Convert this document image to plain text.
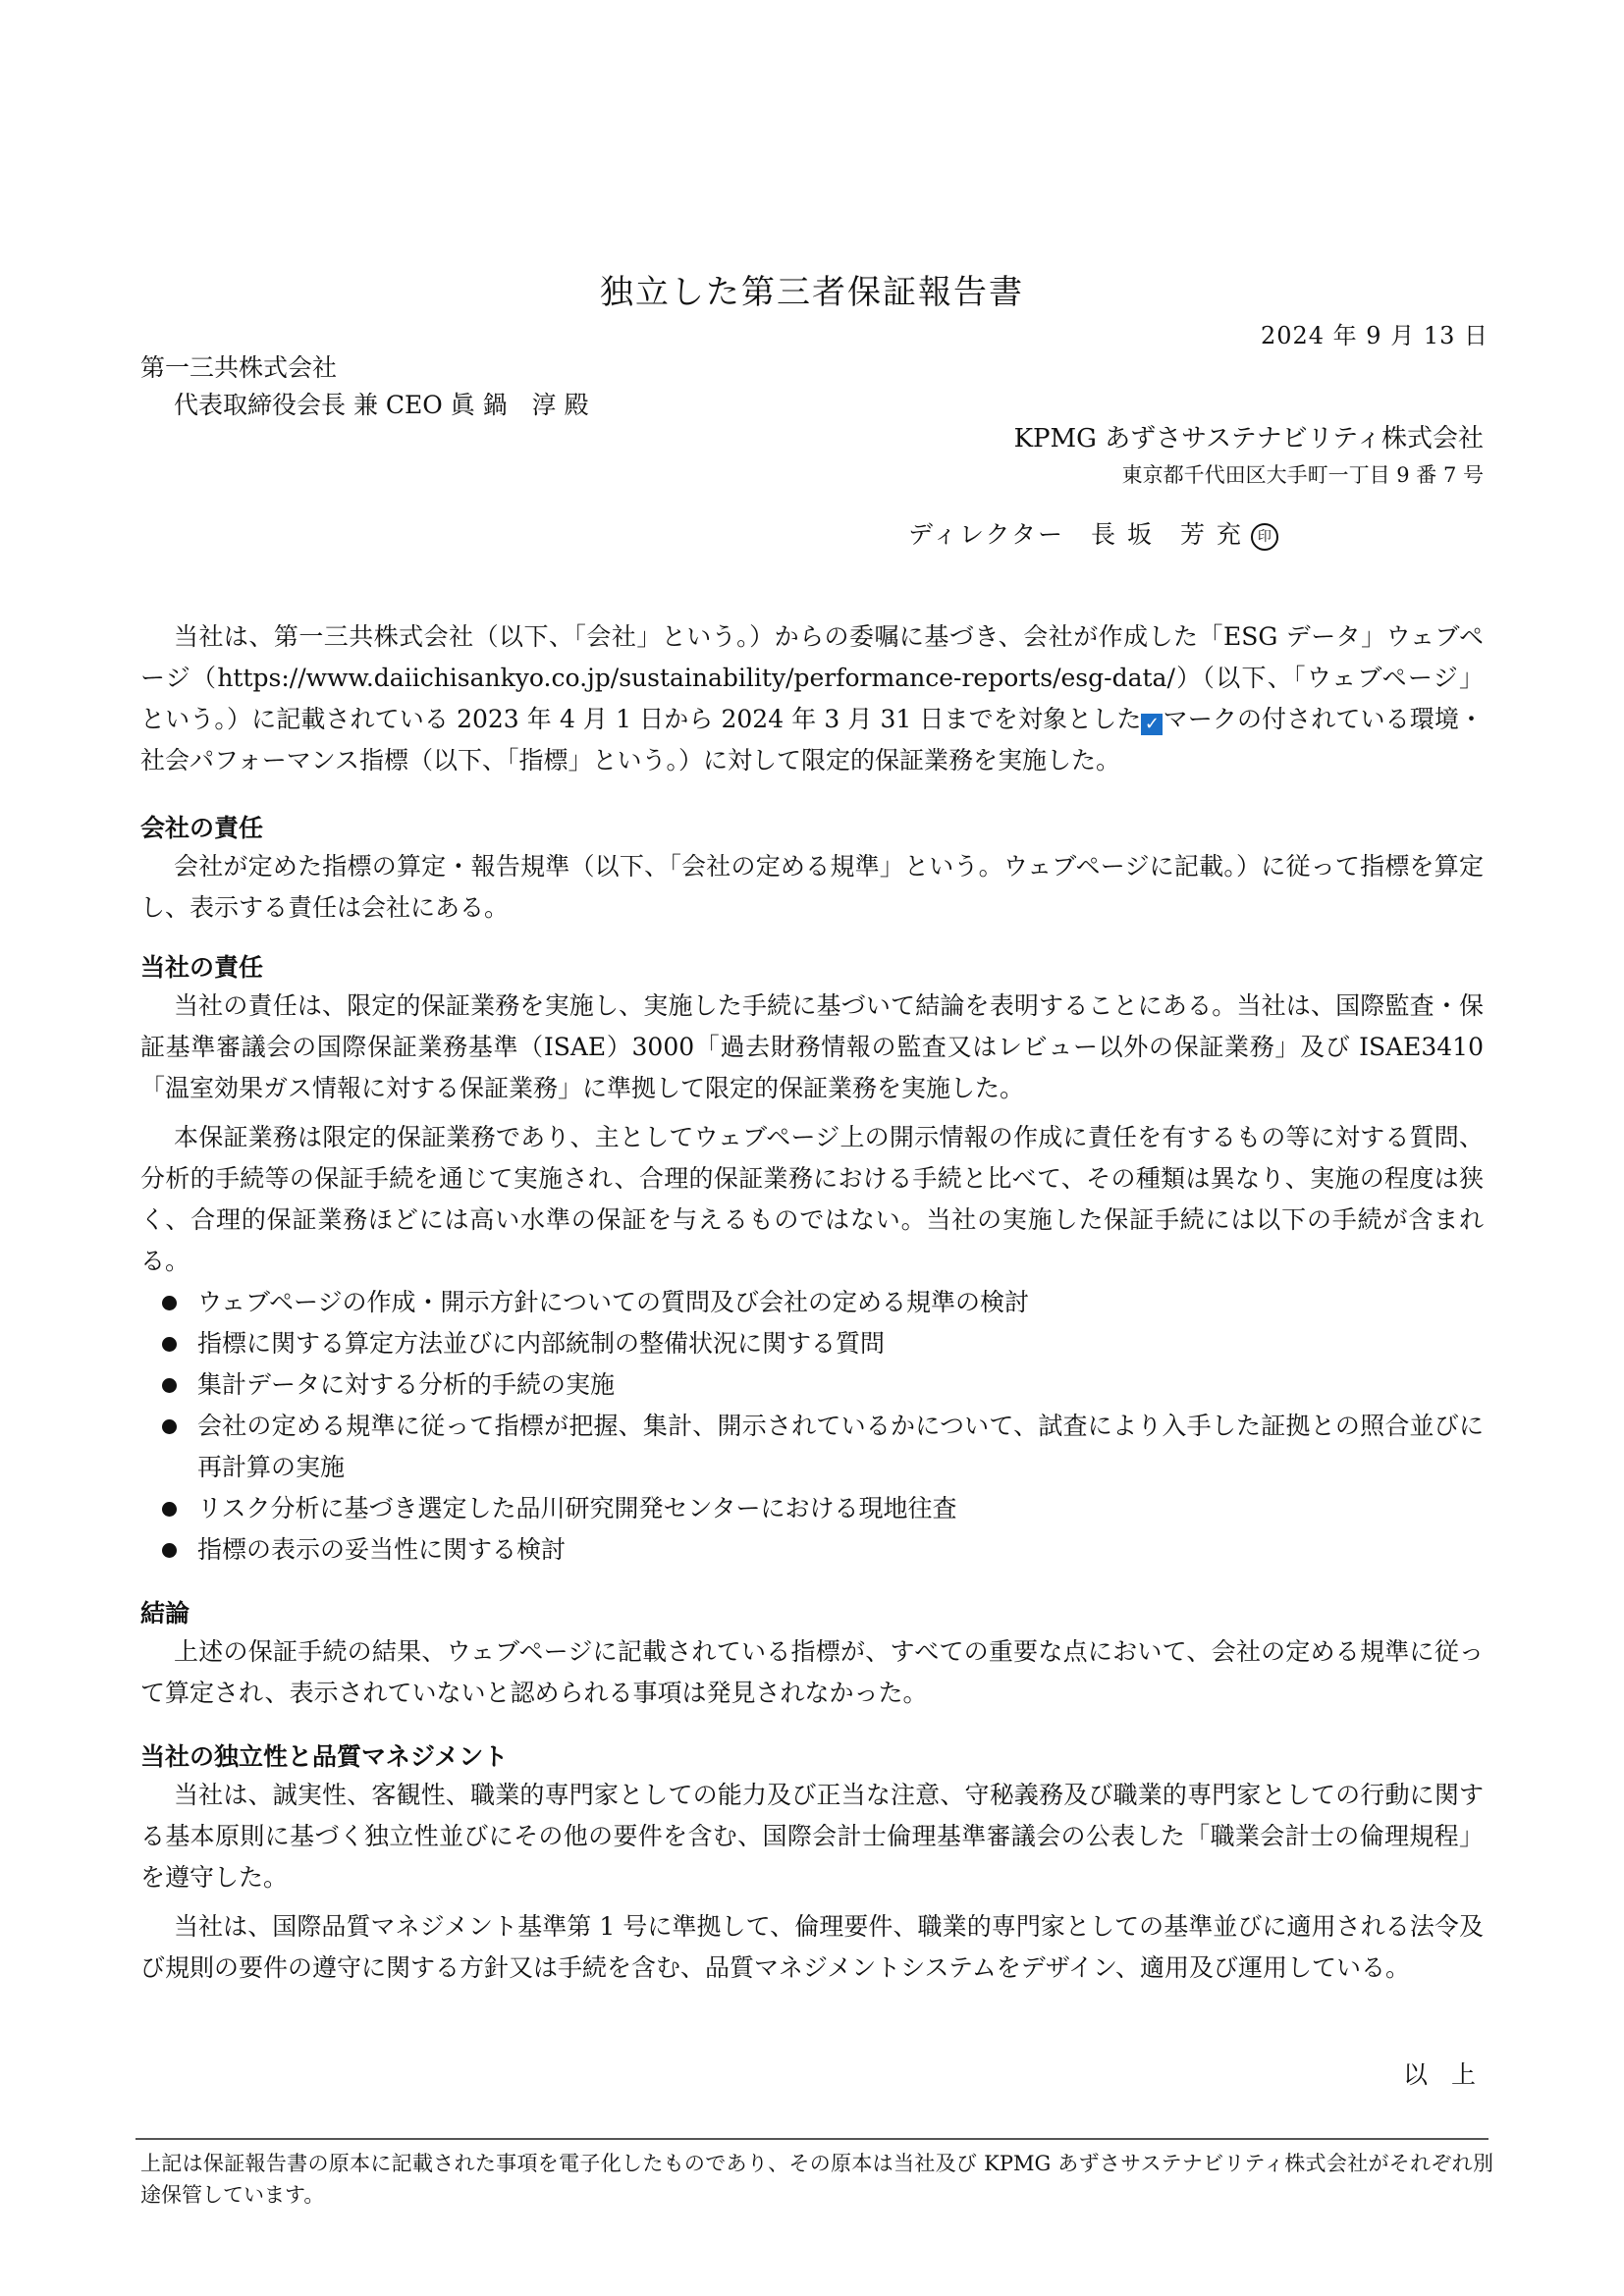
独立した第三者保証報告書
2024 年 9 月 13 日
第一三共株式会社
代表取締役会長 兼 CEO 眞 鍋　淳 殿
KPMG あずさサステナビリティ株式会社
東京都千代田区大手町一丁目 9 番 7 号
ディレクター　長 坂　芳 充 印

当社は、第一三共株式会社（以下、「会社」という。）からの委嘱に基づき、会社が作成した「ESG データ」ウェブページ（https://www.daiichisankyo.co.jp/sustainability/performance-reports/esg-data/）（以下、「ウェブページ」という。）に記載されている 2023 年 4 月 1 日から 2024 年 3 月 31 日までを対象とした ✓ マークの付されている環境・社会パフォーマンス指標（以下、「指標」という。）に対して限定的保証業務を実施した。

会社の責任

会社が定めた指標の算定・報告規準（以下、「会社の定める規準」という。ウェブページに記載。）に従って指標を算定し、表示する責任は会社にある。

当社の責任

当社の責任は、限定的保証業務を実施し、実施した手続に基づいて結論を表明することにある。当社は、国際監査・保証基準審議会の国際保証業務基準（ISAE）3000「過去財務情報の監査又はレビュー以外の保証業務」及び ISAE3410「温室効果ガス情報に対する保証業務」に準拠して限定的保証業務を実施した。

本保証業務は限定的保証業務であり、主としてウェブページ上の開示情報の作成に責任を有するもの等に対する質問、分析的手続等の保証手続を通じて実施され、合理的保証業務における手続と比べて、その種類は異なり、実施の程度は狭く、合理的保証業務ほどには高い水準の保証を与えるものではない。当社の実施した保証手続には以下の手続が含まれる。

ウェブページの作成・開示方針についての質問及び会社の定める規準の検討
指標に関する算定方法並びに内部統制の整備状況に関する質問
集計データに対する分析的手続の実施
会社の定める規準に従って指標が把握、集計、開示されているかについて、試査により入手した証拠との照合並びに再計算の実施
リスク分析に基づき選定した品川研究開発センターにおける現地往査
指標の表示の妥当性に関する検討
結論

上述の保証手続の結果、ウェブページに記載されている指標が、すべての重要な点において、会社の定める規準に従って算定され、表示されていないと認められる事項は発見されなかった。

当社の独立性と品質マネジメント

当社は、誠実性、客観性、職業的専門家としての能力及び正当な注意、守秘義務及び職業的専門家としての行動に関する基本原則に基づく独立性並びにその他の要件を含む、国際会計士倫理基準審議会の公表した「職業会計士の倫理規程」を遵守した。

当社は、国際品質マネジメント基準第 1 号に準拠して、倫理要件、職業的専門家としての基準並びに適用される法令及び規則の要件の遵守に関する方針又は手続を含む、品質マネジメントシステムをデザイン、適用及び運用している。

以 上
上記は保証報告書の原本に記載された事項を電子化したものであり、その原本は当社及び KPMG あずさサステナビリティ株式会社がそれぞれ別途保管しています。
